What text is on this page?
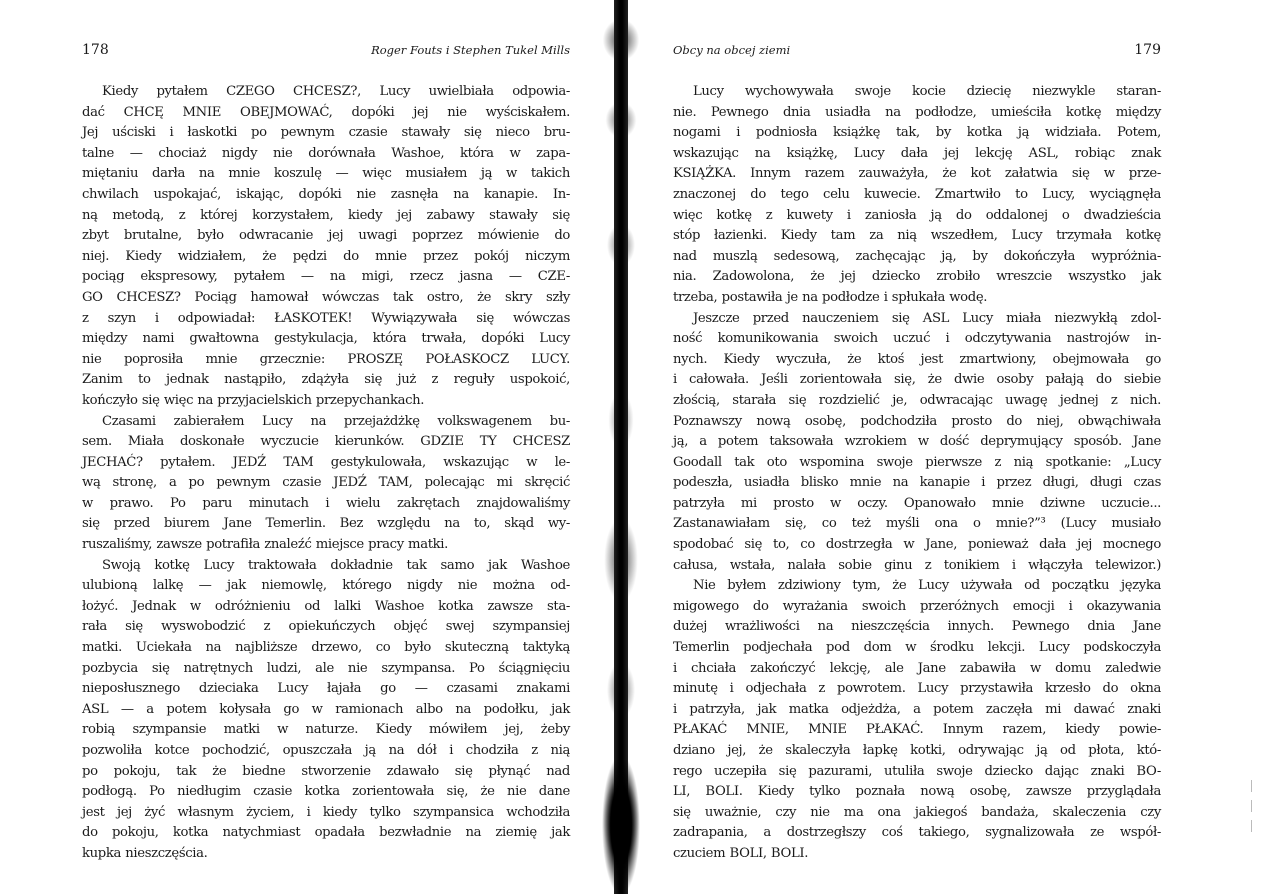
178	Roger Fouts i Stephen Tukel Mills
Kiedy pytałem CZEGO CHCESZ?, Lucy uwielbiała odpowia-
dać CHCĘ MNIE OBEJMOWAĆ, dopóki jej nie wyściskałem.
Jej uściski i łaskotki po pewnym czasie stawały się nieco bru-
talne — chociaż nigdy nie dorównała Washoe, która w zapa-
miętaniu darła na mnie koszulę — więc musiałem ją w takich
chwilach uspokajać, iskając, dopóki nie zasnęła na kanapie. In-
ną metodą, z której korzystałem, kiedy jej zabawy stawały się
zbyt brutalne, było odwracanie jej uwagi poprzez mówienie do
niej. Kiedy widziałem, że pędzi do mnie przez pokój niczym
pociąg ekspresowy, pytałem — na migi, rzecz jasna — CZE-
GO CHCESZ? Pociąg hamował wówczas tak ostro, że skry szły
z szyn i odpowiadał: ŁASKOTEK! Wywiązywała się wówczas
między nami gwałtowna gestykulacja, która trwała, dopóki Lucy
nie poprosiła mnie grzecznie: PROSZĘ POŁASKOCZ LUCY.
Zanim to jednak nastąpiło, zdążyła się już z reguły uspokoić,
kończyło się więc na przyjacielskich przepychankach.
Czasami zabierałem Lucy na przejażdżkę volkswagenem bu-
sem. Miała doskonałe wyczucie kierunków. GDZIE TY CHCESZ
JECHAĆ? pytałem. JEDŹ TAM gestykulowała, wskazując w le-
wą stronę, a po pewnym czasie JEDŹ TAM, polecając mi skręcić
w prawo. Po paru minutach i wielu zakrętach znajdowaliśmy
się przed biurem Jane Temerlin. Bez względu na to, skąd wy-
ruszaliśmy, zawsze potrafiła znaleźć miejsce pracy matki.
Swoją kotkę Lucy traktowała dokładnie tak samo jak Washoe
ulubioną lalkę — jak niemowlę, którego nigdy nie można od-
łożyć. Jednak w odróżnieniu od lalki Washoe kotka zawsze sta-
rała się wyswobodzić z opiekuńczych objęć swej szympansiej
matki. Uciekała na najbliższe drzewo, co było skuteczną taktyką
pozbycia się natrętnych ludzi, ale nie szympansa. Po ściągnięciu
nieposłusznego dzieciaka Lucy łajała go — czasami znakami
ASL — a potem kołysała go w ramionach albo na podołku, jak
robią szympansie matki w naturze. Kiedy mówiłem jej, żeby
pozwoliła kotce pochodzić, opuszczała ją na dół i chodziła z nią
po pokoju, tak że biedne stworzenie zdawało się płynąć nad
podłogą. Po niedługim czasie kotka zorientowała się, że nie dane
jest jej żyć własnym życiem, i kiedy tylko szympansica wchodziła
do pokoju, kotka natychmiast opadała bezwładnie na ziemię jak
kupka nieszczęścia.
Obcy na obcej ziemi	179
Lucy wychowywała swoje kocie dziecię niezwykle staran-
nie. Pewnego dnia usiadła na podłodze, umieściła kotkę między
nogami i podniosła książkę tak, by kotka ją widziała. Potem,
wskazując na książkę, Lucy dała jej lekcję ASL, robiąc znak
KSIĄŻKA. Innym razem zauważyła, że kot załatwia się w prze-
znaczonej do tego celu kuwecie. Zmartwiło to Lucy, wyciągnęła
więc kotkę z kuwety i zaniosła ją do oddalonej o dwadzieścia
stóp łazienki. Kiedy tam za nią wszedłem, Lucy trzymała kotkę
nad muszlą sedesową, zachęcając ją, by dokończyła wypróżnia-
nia. Zadowolona, że jej dziecko zrobiło wreszcie wszystko jak
trzeba, postawiła je na podłodze i spłukała wodę.
Jeszcze przed nauczeniem się ASL Lucy miała niezwykłą zdol-
ność komunikowania swoich uczuć i odczytywania nastrojów in-
nych. Kiedy wyczuła, że ktoś jest zmartwiony, obejmowała go
i całowała. Jeśli zorientowała się, że dwie osoby pałają do siebie
złością, starała się rozdzielić je, odwracając uwagę jednej z nich.
Poznawszy nową osobę, podchodziła prosto do niej, obwąchiwała
ją, a potem taksowała wzrokiem w dość deprymujący sposób. Jane
Goodall tak oto wspomina swoje pierwsze z nią spotkanie: „Lucy
podeszła, usiadła blisko mnie na kanapie i przez długi, długi czas
patrzyła mi prosto w oczy. Opanowało mnie dziwne uczucie...
Zastanawiałam się, co też myśli ona o mnie?”³ (Lucy musiało
spodobać się to, co dostrzegła w Jane, ponieważ dała jej mocnego
całusa, wstała, nalała sobie ginu z tonikiem i włączyła telewizor.)
Nie byłem zdziwiony tym, że Lucy używała od początku języka
migowego do wyrażania swoich przeróżnych emocji i okazywania
dużej wrażliwości na nieszczęścia innych. Pewnego dnia Jane
Temerlin podjechała pod dom w środku lekcji. Lucy podskoczyła
i chciała zakończyć lekcję, ale Jane zabawiła w domu zaledwie
minutę i odjechała z powrotem. Lucy przystawiła krzesło do okna
i patrzyła, jak matka odjeżdża, a potem zaczęła mi dawać znaki
PŁAKAĆ MNIE, MNIE PŁAKAĆ. Innym razem, kiedy powie-
dziano jej, że skaleczyła łapkę kotki, odrywając ją od płota, któ-
rego uczepiła się pazurami, utuliła swoje dziecko dając znaki BO-
LI, BOLI. Kiedy tylko poznała nową osobę, zawsze przyglądała
się uważnie, czy nie ma ona jakiegoś bandaża, skaleczenia czy
zadrapania, a dostrzegłszy coś takiego, sygnalizowała ze współ-
czuciem BOLI, BOLI.
